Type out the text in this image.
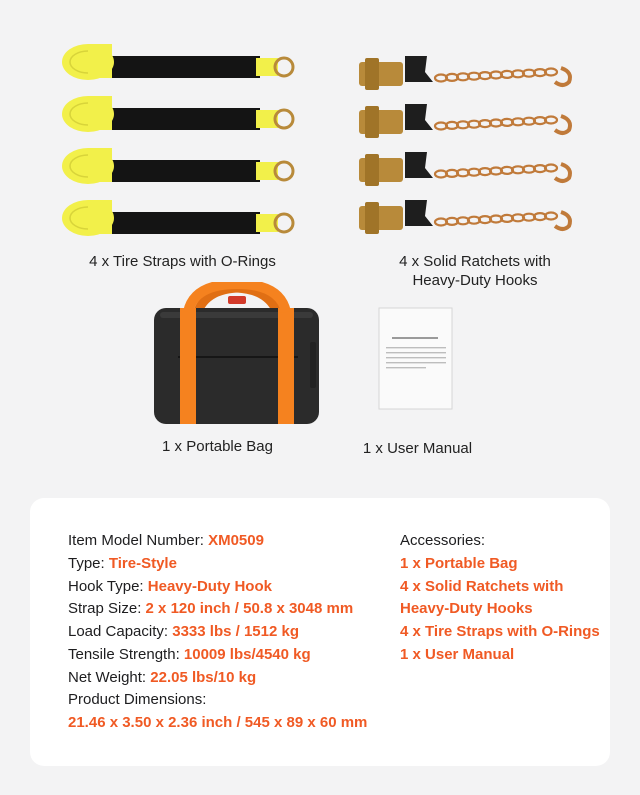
4 x Tire Straps with O-Rings	4 x Solid Ratchets with
Heavy-Duty Hooks
1 x Portable Bag	1 x User Manual
Item Model Number: XM0509
Type: Tire-Style
Hook Type: Heavy-Duty Hook
Strap Size: 2 x 120 inch / 50.8 x 3048 mm
Load Capacity: 3333 lbs / 1512 kg
Tensile Strength: 10009 lbs/4540 kg
Net Weight: 22.05 lbs/10 kg
Product Dimensions:
21.46 x 3.50 x 2.36 inch / 545 x 89 x 60 mm
Accessories:
1 x Portable Bag
4 x Solid Ratchets with
Heavy-Duty Hooks
4 x Tire Straps with O-Rings
1 x User Manual
